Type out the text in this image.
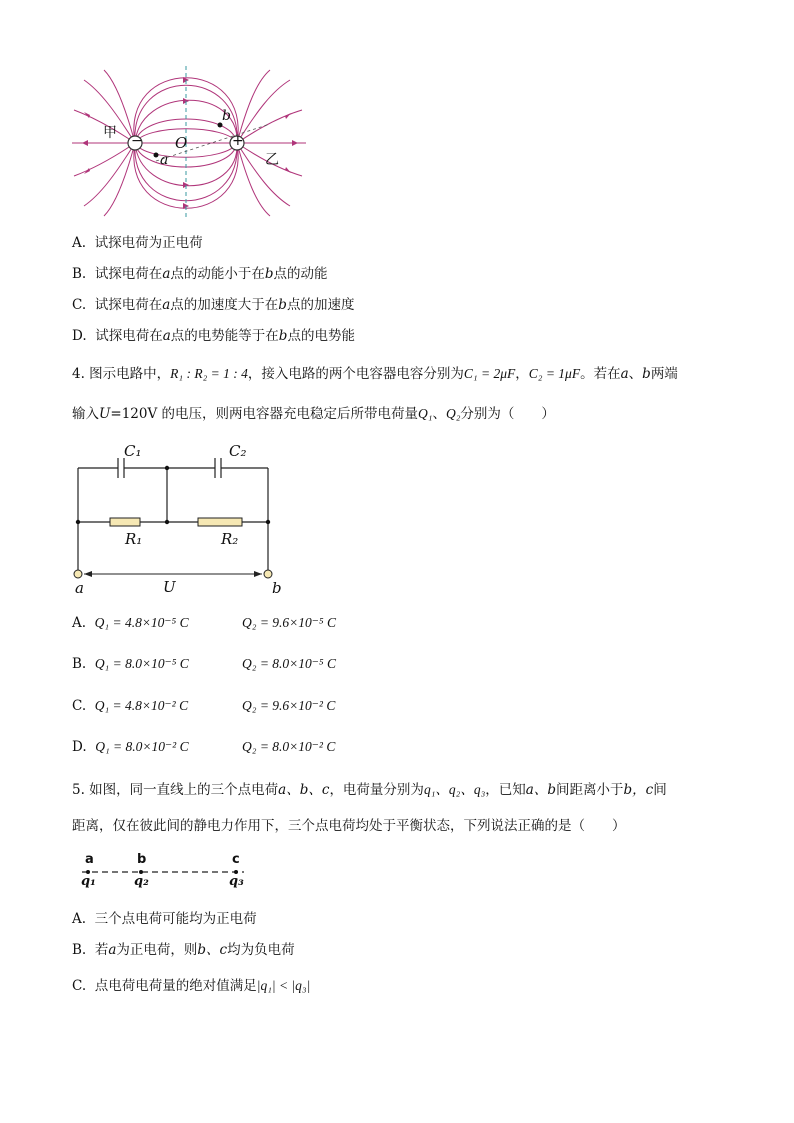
−	+
甲
乙
O
a
b
A. 试探电荷为正电荷
B. 试探电荷在a点的动能小于在b点的动能
C. 试探电荷在a点的加速度大于在b点的加速度
D. 试探电荷在a点的电势能等于在b点的电势能
4. 图示电路中，R₁ : R₂ = 1 : 4，接入电路的两个电容器电容分别为C₁ = 2μF，C₂ = 1μF。若在a、b两端
输入U=120V 的电压，则两电容器充电稳定后所带电荷量Q₁、Q₂分别为（　　）
C₁	C₂
R₁	R₂
U
a	b
A. Q₁ = 4.8×10⁻⁵ C	Q₂ = 9.6×10⁻⁵ C
B. Q₁ = 8.0×10⁻⁵ C	Q₂ = 8.0×10⁻⁵ C
C. Q₁ = 4.8×10⁻² C	Q₂ = 9.6×10⁻² C
D. Q₁ = 8.0×10⁻² C	Q₂ = 8.0×10⁻² C
5. 如图，同一直线上的三个点电荷a、b、c，电荷量分别为q₁、q₂、q₃，已知a、b间距离小于b，c间
距离，仅在彼此间的静电力作用下，三个点电荷均处于平衡状态，下列说法正确的是（　　）
a	b	c
q₁	q₂	q₃
A. 三个点电荷可能均为正电荷
B. 若a为正电荷，则b、c均为负电荷
C. 点电荷电荷量的绝对值满足|q₁| < |q₃|
